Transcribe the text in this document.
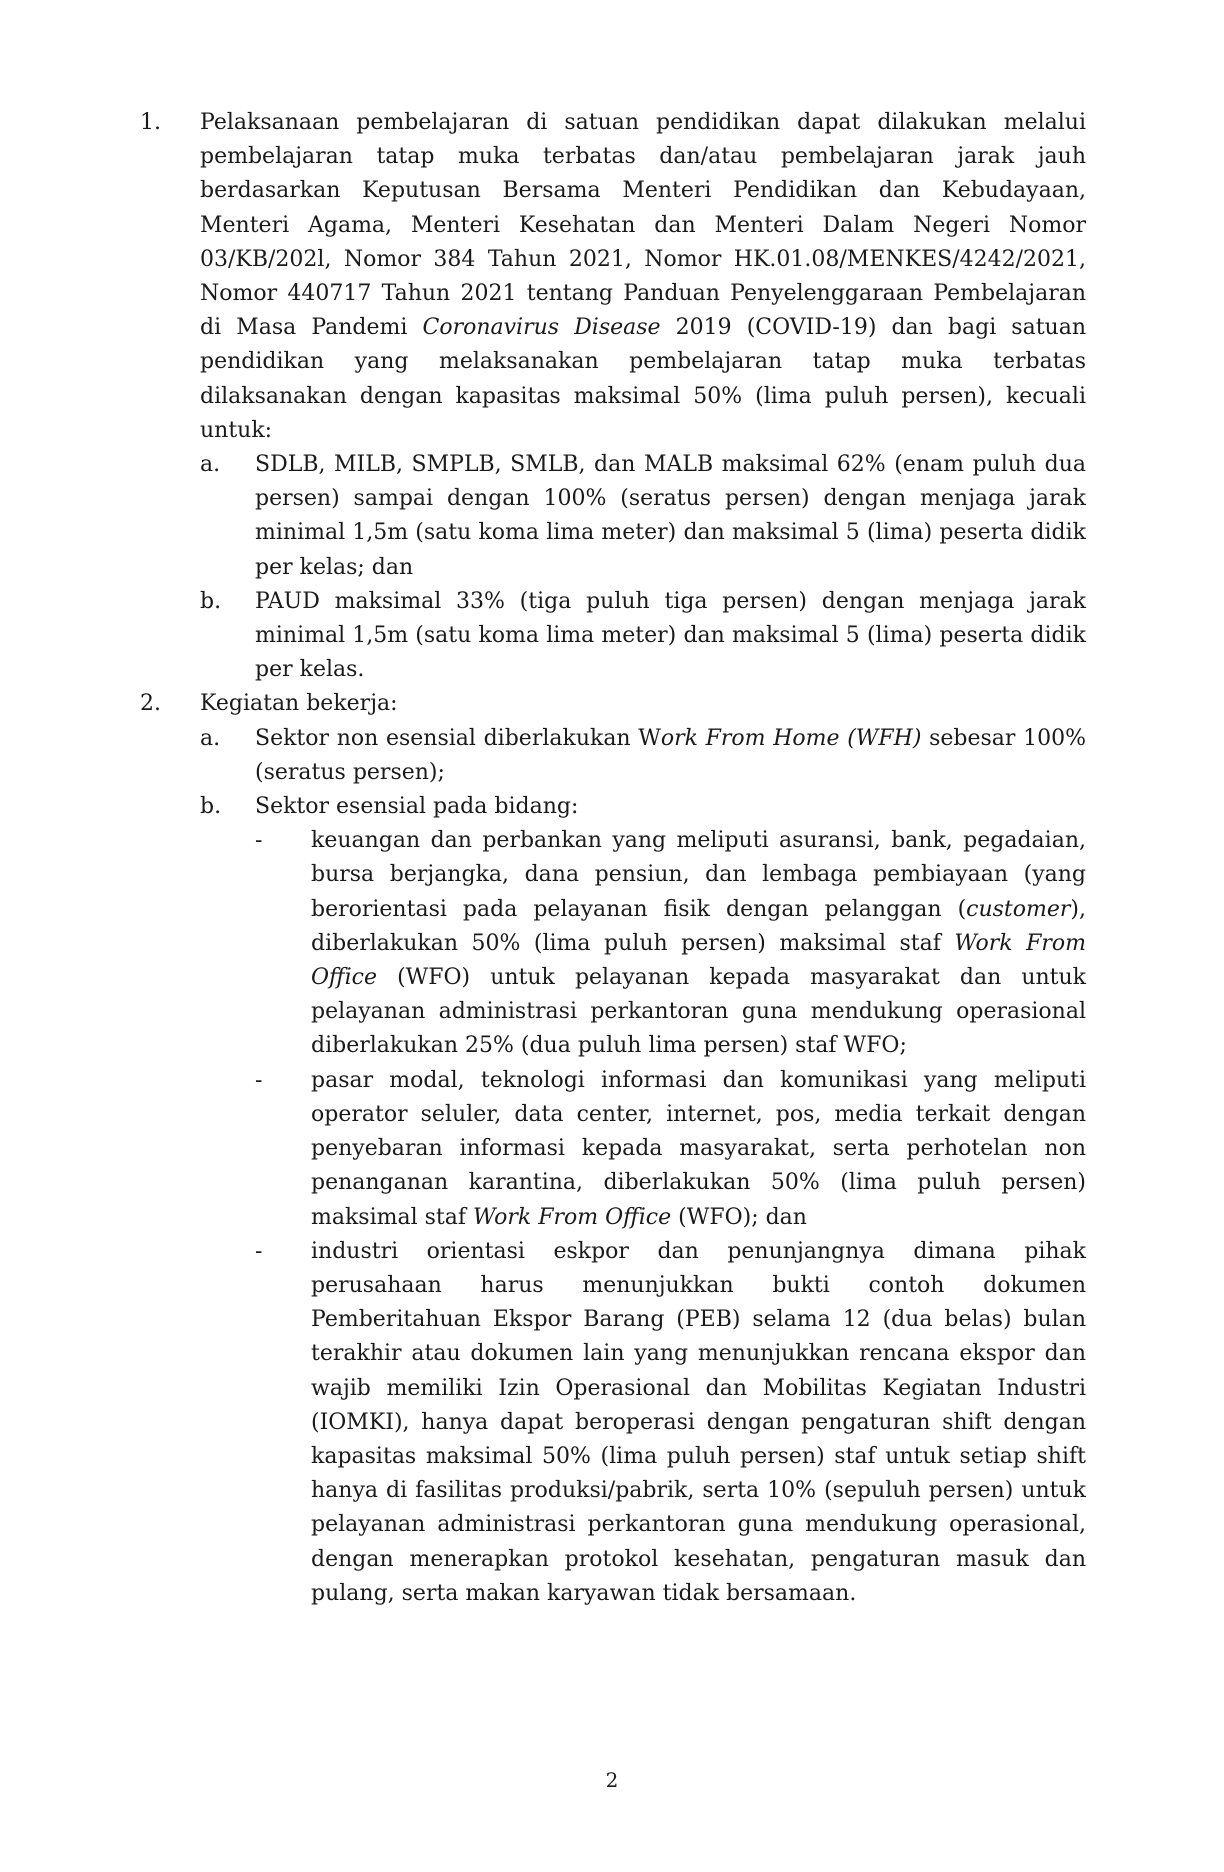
1. Pelaksanaan pembelajaran di satuan pendidikan dapat dilakukan melalui pembelajaran tatap muka terbatas dan/atau pembelajaran jarak jauh berdasarkan Keputusan Bersama Menteri Pendidikan dan Kebudayaan, Menteri Agama, Menteri Kesehatan dan Menteri Dalam Negeri Nomor 03/KB/202l, Nomor 384 Tahun 2021, Nomor HK.01.08/MENKES/4242/2021, Nomor 440717 Tahun 2021 tentang Panduan Penyelenggaraan Pembelajaran di Masa Pandemi Coronavirus Disease 2019 (COVID-19) dan bagi satuan pendidikan yang melaksanakan pembelajaran tatap muka terbatas dilaksanakan dengan kapasitas maksimal 50% (lima puluh persen), kecuali untuk:
a. SDLB, MILB, SMPLB, SMLB, dan MALB maksimal 62% (enam puluh dua persen) sampai dengan 100% (seratus persen) dengan menjaga jarak minimal 1,5m (satu koma lima meter) dan maksimal 5 (lima) peserta didik per kelas; dan
b. PAUD maksimal 33% (tiga puluh tiga persen) dengan menjaga jarak minimal 1,5m (satu koma lima meter) dan maksimal 5 (lima) peserta didik per kelas.
2. Kegiatan bekerja:
a. Sektor non esensial diberlakukan Work From Home (WFH) sebesar 100% (seratus persen);
b. Sektor esensial pada bidang:
- keuangan dan perbankan yang meliputi asuransi, bank, pegadaian, bursa berjangka, dana pensiun, dan lembaga pembiayaan (yang berorientasi pada pelayanan fisik dengan pelanggan (customer), diberlakukan 50% (lima puluh persen) maksimal staf Work From Office (WFO) untuk pelayanan kepada masyarakat dan untuk pelayanan administrasi perkantoran guna mendukung operasional diberlakukan 25% (dua puluh lima persen) staf WFO;
- pasar modal, teknologi informasi dan komunikasi yang meliputi operator seluler, data center, internet, pos, media terkait dengan penyebaran informasi kepada masyarakat, serta perhotelan non penanganan karantina, diberlakukan 50% (lima puluh persen) maksimal staf Work From Office (WFO); dan
- industri orientasi eskpor dan penunjangnya dimana pihak perusahaan harus menunjukkan bukti contoh dokumen Pemberitahuan Ekspor Barang (PEB) selama 12 (dua belas) bulan terakhir atau dokumen lain yang menunjukkan rencana ekspor dan wajib memiliki Izin Operasional dan Mobilitas Kegiatan Industri (IOMKI), hanya dapat beroperasi dengan pengaturan shift dengan kapasitas maksimal 50% (lima puluh persen) staf untuk setiap shift hanya di fasilitas produksi/pabrik, serta 10% (sepuluh persen) untuk pelayanan administrasi perkantoran guna mendukung operasional, dengan menerapkan protokol kesehatan, pengaturan masuk dan pulang, serta makan karyawan tidak bersamaan.
2
